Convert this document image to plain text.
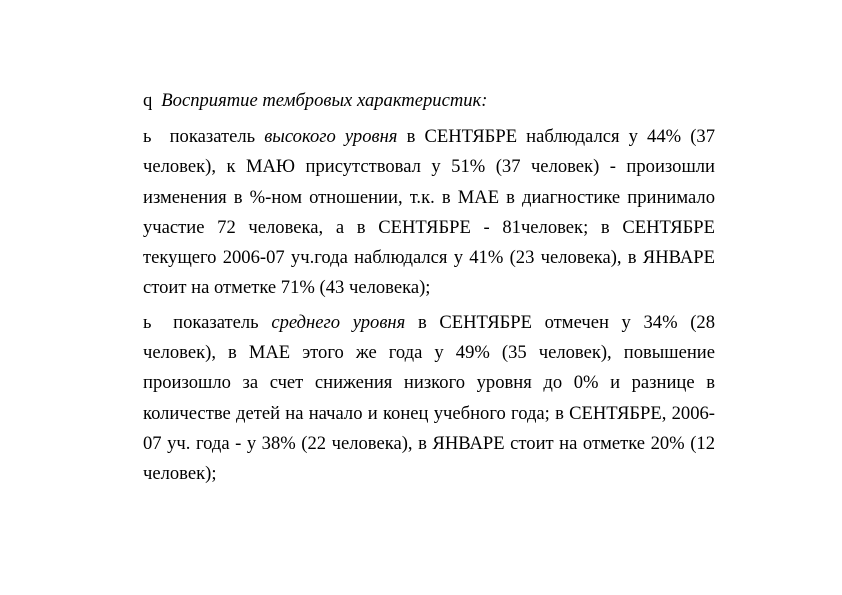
q Восприятие тембровых характеристик:

ь показатель высокого уровня в СЕНТЯБРЕ наблюдался у 44% (37 человек), к МАЮ присутствовал у 51% (37 человек) - произошли изменения в %-ном отношении, т.к. в МАЕ в диагностике принимало участие 72 человека, а в СЕНТЯБРЕ - 81человек; в СЕНТЯБРЕ текущего 2006-07 уч.года наблюдался у 41% (23 человека), в ЯНВАРЕ стоит на отметке 71% (43 человека);

ь показатель среднего уровня в СЕНТЯБРЕ отмечен у 34% (28 человек), в МАЕ этого же года у 49% (35 человек), повышение произошло за счет снижения низкого уровня до 0% и разнице в количестве детей на начало и конец учебного года; в СЕНТЯБРЕ, 2006-07 уч. года - у 38% (22 человека), в ЯНВАРЕ стоит на отметке 20% (12 человек);
